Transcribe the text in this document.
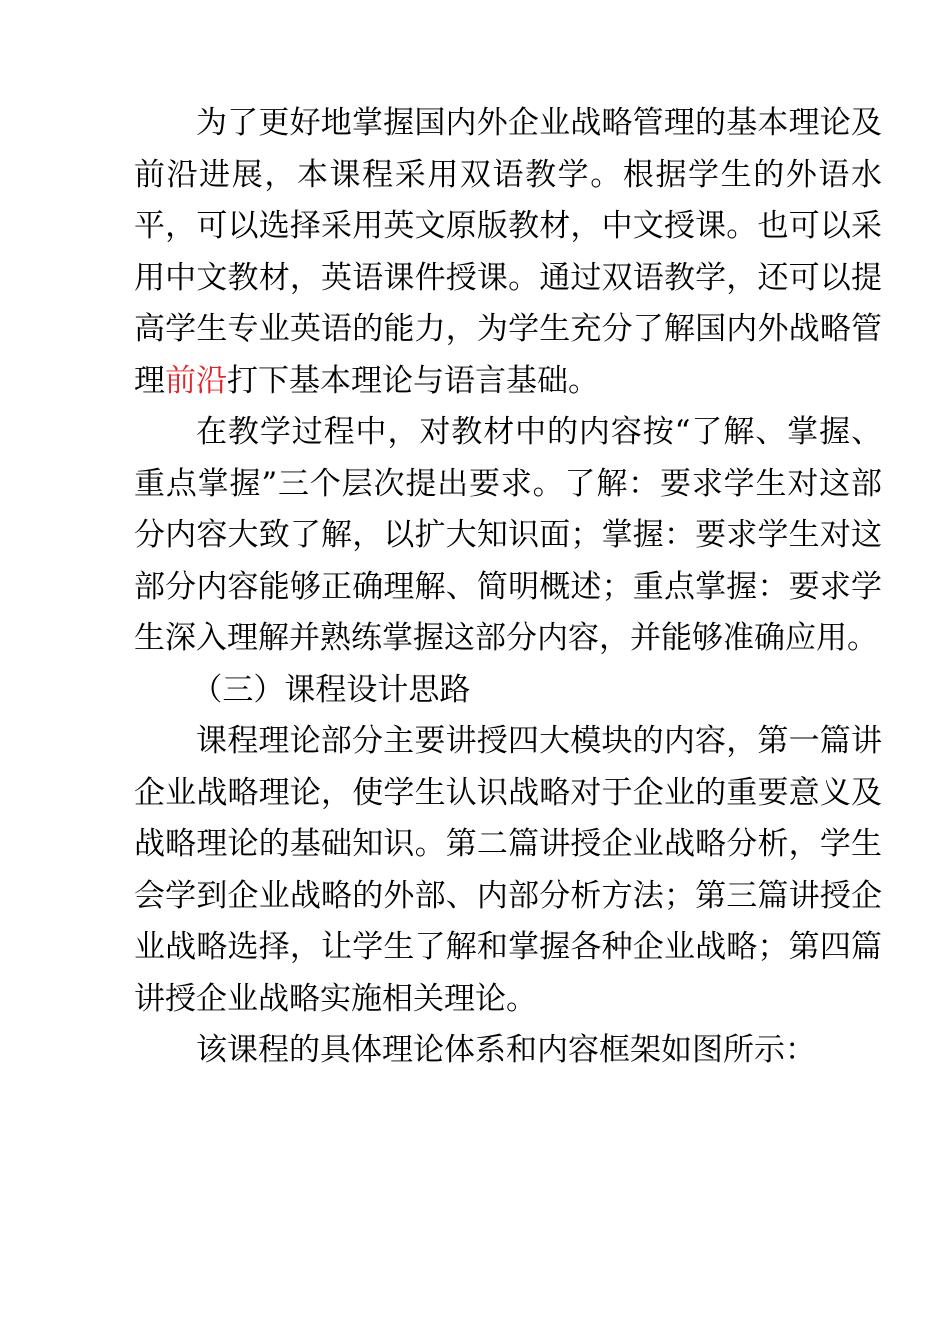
为了更好地掌握国内外企业战略管理的基本理论及前沿进展，本课程采用双语教学。根据学生的外语水平，可以选择采用英文原版教材，中文授课。也可以采用中文教材，英语课件授课。通过双语教学，还可以提高学生专业英语的能力，为学生充分了解国内外战略管理前沿打下基本理论与语言基础。

在教学过程中，对教材中的内容按“了解、掌握、重点掌握”三个层次提出要求。了解：要求学生对这部分内容大致了解，以扩大知识面；掌握：要求学生对这部分内容能够正确理解、简明概述；重点掌握：要求学生深入理解并熟练掌握这部分内容，并能够准确应用。

（三）课程设计思路

课程理论部分主要讲授四大模块的内容，第一篇讲企业战略理论，使学生认识战略对于企业的重要意义及战略理论的基础知识。第二篇讲授企业战略分析，学生会学到企业战略的外部、内部分析方法；第三篇讲授企业战略选择，让学生了解和掌握各种企业战略；第四篇讲授企业战略实施相关理论。

该课程的具体理论体系和内容框架如图所示：
